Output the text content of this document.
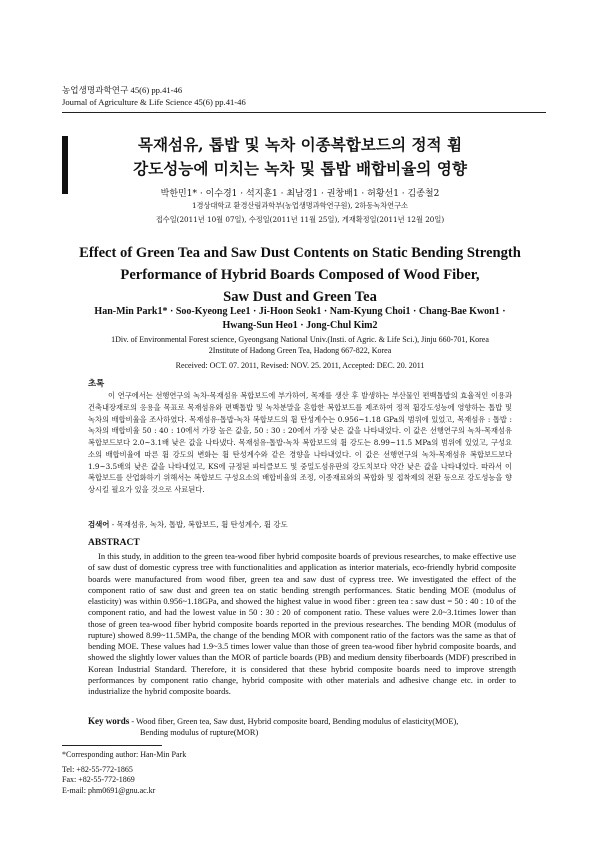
농업생명과학연구 45(6) pp.41-46
Journal of Agriculture & Life Science 45(6) pp.41-46
목재섬유, 톱밥 및 녹차 이종복합보드의 정적 휨
강도성능에 미치는 녹차 및 톱밥 배합비율의 영향
박한민1* · 이수경1 · 석지훈1 · 최남경1 · 권창배1 · 허황선1 · 김종철2
1경상대학교 환경산림과학부(농업생명과학연구원), 2하동녹차연구소
접수일(2011년 10월 07일), 수정일(2011년 11월 25일), 게재확정일(2011년 12월 20일)
Effect of Green Tea and Saw Dust Contents on Static Bending Strength
Performance of Hybrid Boards Composed of Wood Fiber,
Saw Dust and Green Tea
Han-Min Park1* · Soo-Kyeong Lee1 · Ji-Hoon Seok1 · Nam-Kyung Choi1 · Chang-Bae Kwon1 ·
Hwang-Sun Heo1 · Jong-Chul Kim2
1Div. of Environmental Forest science, Gyeongsang National Univ.(Insti. of Agric. & Life Sci.), Jinju 660-701, Korea
2Institute of Hadong Green Tea, Hadong 667-822, Korea
Received: OCT. 07. 2011, Revised: NOV. 25. 2011, Accepted: DEC. 20. 2011
초록
이 연구에서는 선행연구의 녹차-목재섬유 복합보드에 부가하여, 목재를 생산 후 발생하는 부산물인 편백톱밥의 효율적인 이용과 건축내장재로의 응용을 목표로 목재섬유와 편백톱밥 및 녹차분말을 혼합한 복합보드를 제조하여 정적 휨강도성능에 영향하는 톱밥 및 녹차의 배합비율을 조사하였다. 목재섬유-톱밥-녹차 복합보드의 휨 탄성계수는 0.956~1.18 GPa의 범위에 있었고, 목재섬유 : 톱밥 : 녹차의 배합비율 50 : 40 : 10에서 가장 높은 값을, 50 : 30 : 20에서 가장 낮은 값을 나타내었다. 이 값은 선행연구의 녹차-목재섬유 복합보드보다 2.0~3.1배 낮은 값을 나타냈다. 목재섬유-톱밥-녹차 복합보드의 휨 강도는 8.99~11.5 MPa의 범위에 있었고, 구성요소의 배합비율에 따른 휨 강도의 변화는 휨 탄성계수와 같은 경향을 나타내었다. 이 값은 선행연구의 녹차-목재섬유 복합보드보다 1.9~3.5배의 낮은 값을 나타내었고, KS에 규정된 파티클보드 및 중밀도섬유판의 강도치보다 약간 낮은 값을 나타내었다. 따라서 이 복합보드를 산업화하기 위해서는 복합보드 구성요소의 배합비율의 조정, 이종재료와의 복합화 및 접착제의 전환 등으로 강도성능을 향상시킬 필요가 있을 것으로 사료된다.
검색어 - 목재섬유, 녹차, 톱밥, 복합보드, 휨 탄성계수, 휨 강도
ABSTRACT
In this study, in addition to the green tea-wood fiber hybrid composite boards of previous researches, to make effective use of saw dust of domestic cypress tree with functionalities and application as interior materials, eco-friendly hybrid composite boards were manufactured from wood fiber, green tea and saw dust of cypress tree. We investigated the effect of the component ratio of saw dust and green tea on static bending strength performances. Static bending MOE (modulus of elasticity) was within 0.956~1.18GPa, and showed the highest value in wood fiber : green tea : saw dust = 50 : 40 : 10 of the component ratio, and had the lowest value in 50 : 30 : 20 of component ratio. These values were 2.0~3.1times lower than those of green tea-wood fiber hybrid composite boards reported in the previous researches. The bending MOR (modulus of rupture) showed 8.99~11.5MPa, the change of the bending MOR with component ratio of the factors was the same as that of bending MOE. These values had 1.9~3.5 times lower value than those of green tea-wood fiber hybrid composite boards, and showed the slightly lower values than the MOR of particle boards (PB) and medium density fiberboards (MDF) prescribed in Korean Industrial Standard. Therefore, it is considered that these hybrid composite boards need to improve strength performances by component ratio change, hybrid composite with other materials and adhesive change etc. in order to industrialize the hybrid composite boards.
Key words - Wood fiber, Green tea, Saw dust, Hybrid composite board, Bending modulus of elasticity(MOE),
Bending modulus of rupture(MOR)
*Corresponding author: Han-Min Park
Tel: +82-55-772-1865
Fax: +82-55-772-1869
E-mail: phm0691@gnu.ac.kr
